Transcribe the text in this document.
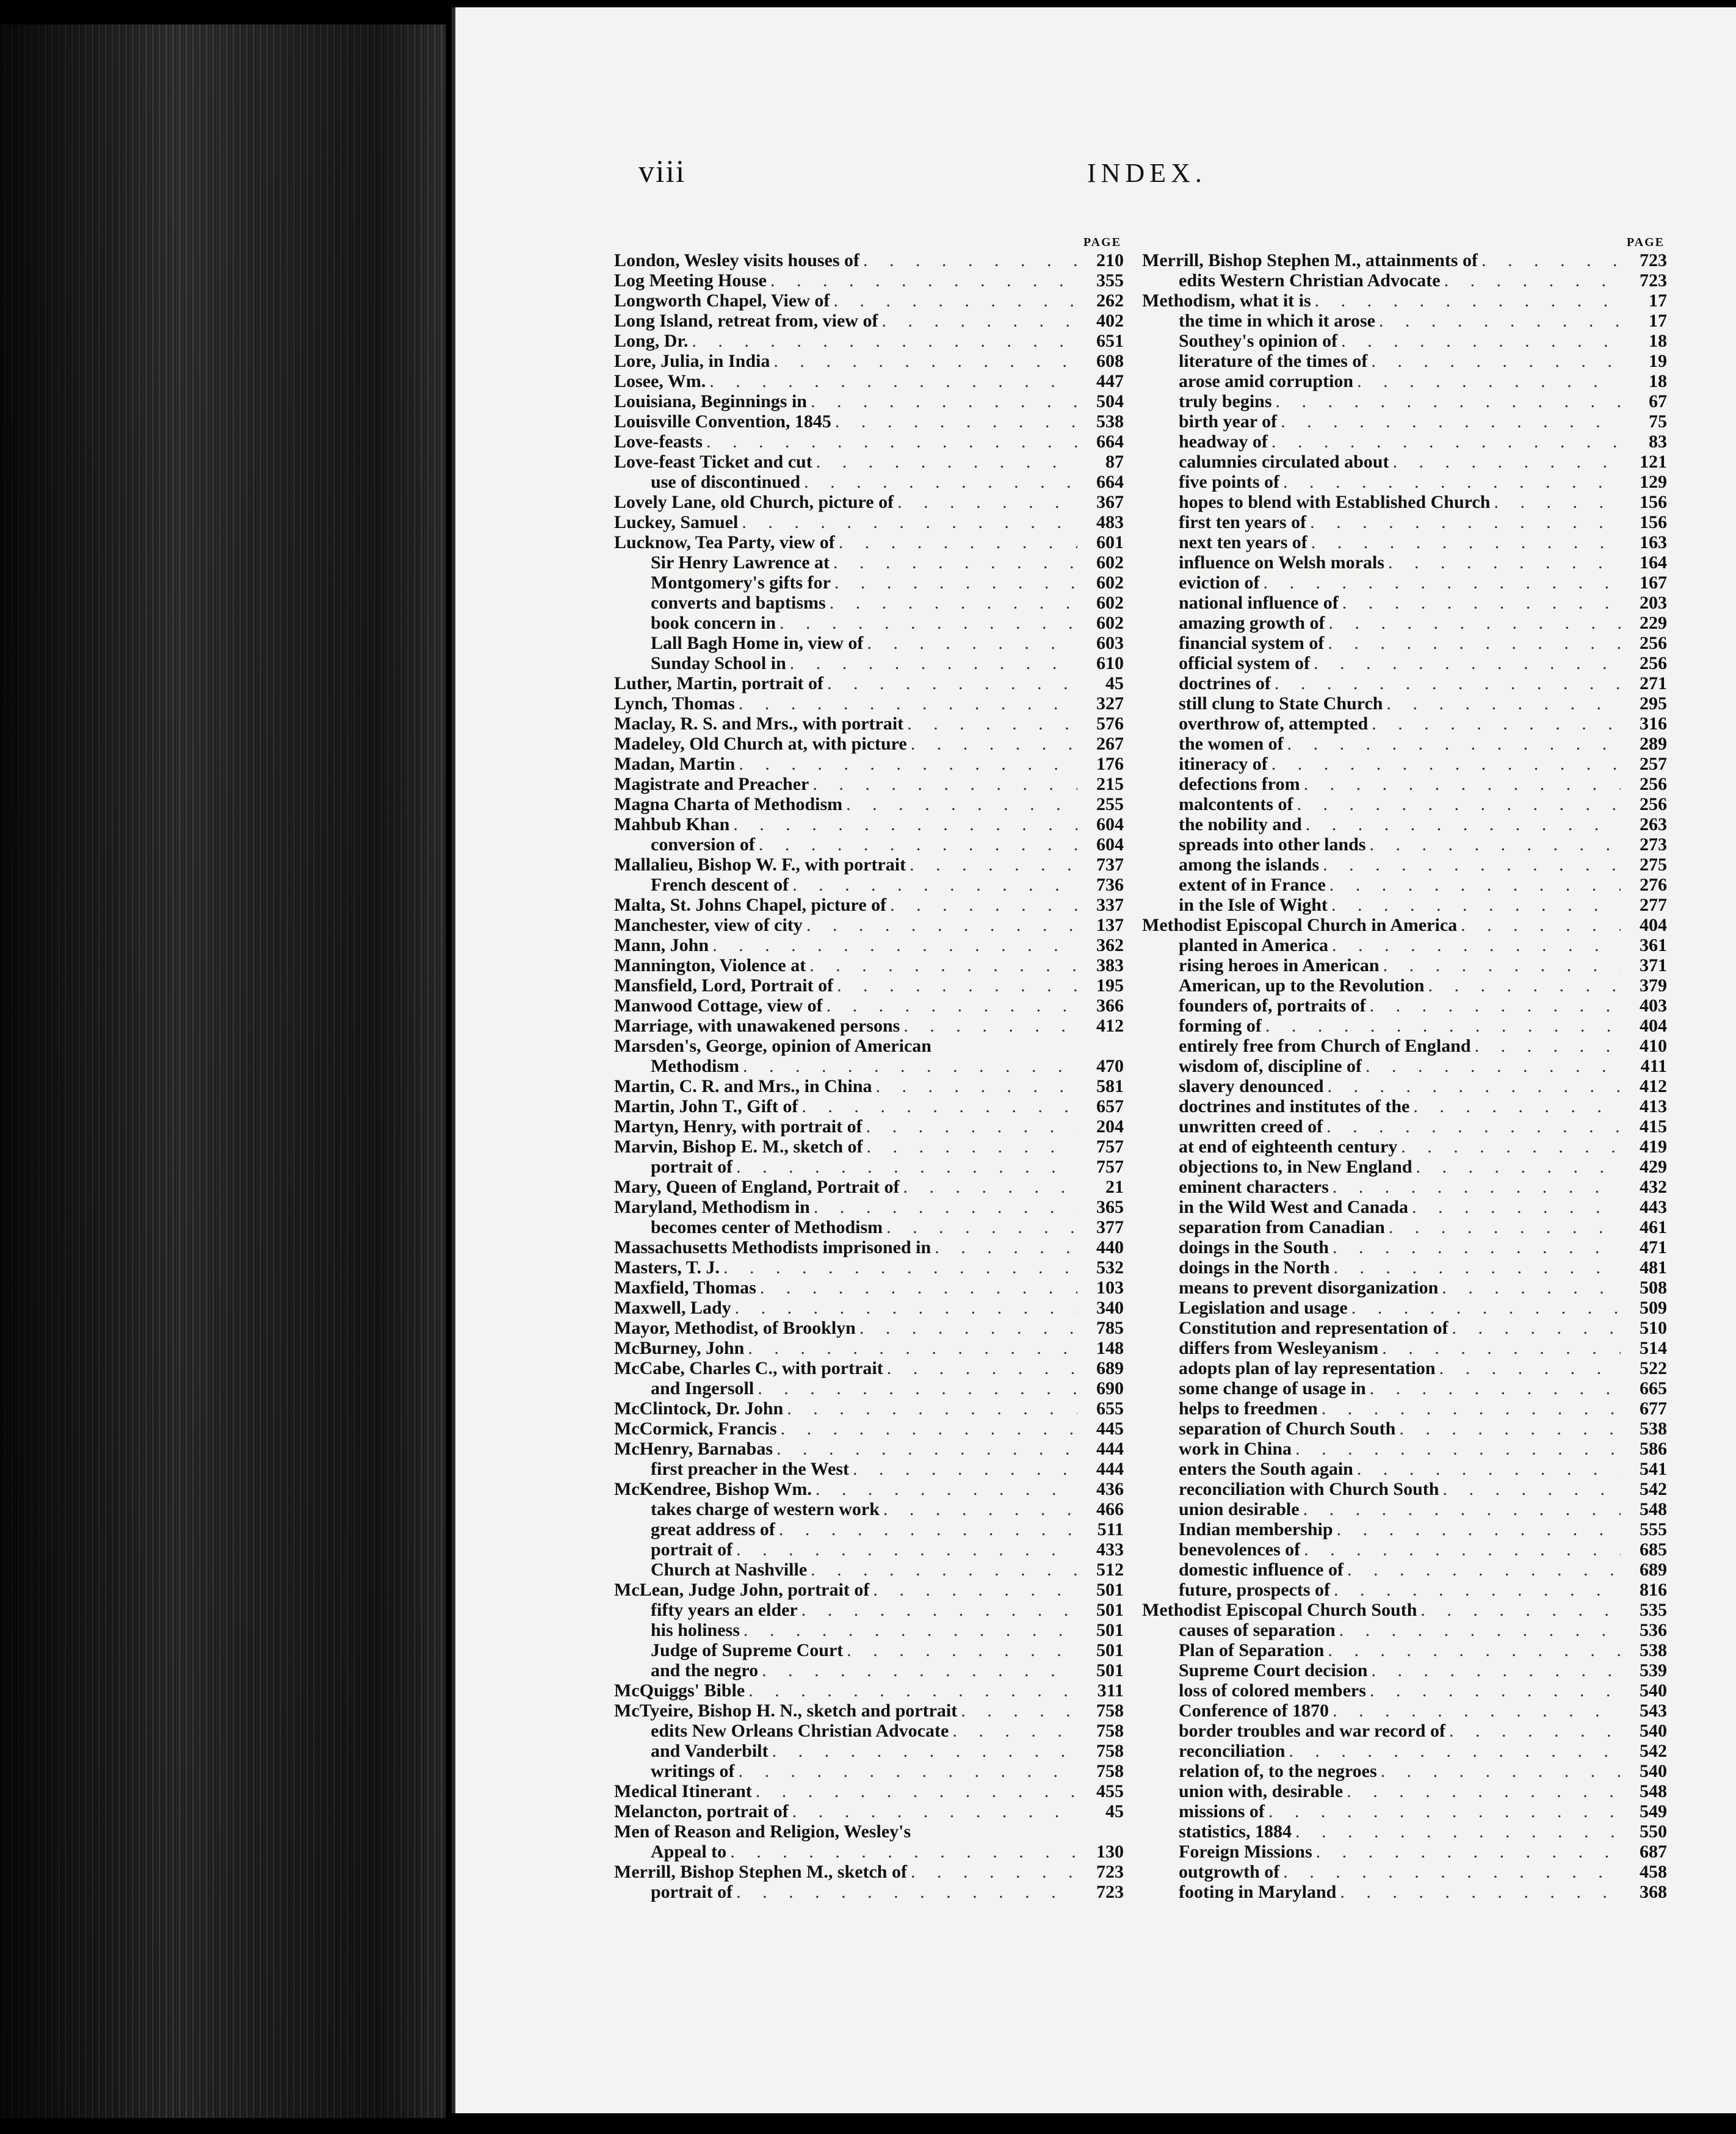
viii	INDEX.
PAGE
London, Wesley visits houses of . . .	210
Log Meeting House . . .	355
Longworth Chapel, View of . . .	262
Long Island, retreat from, view of . . .	402
Long, Dr. . . .	651
Lore, Julia, in India . . .	608
Losee, Wm. . . .	447
Louisiana, Beginnings in . . .	504
Louisville Convention, 1845 . . .	538
Love-feasts . . .	664
Love-feast Ticket and cut . . .	87
use of discontinued . . .	664
Lovely Lane, old Church, picture of . . .	367
Luckey, Samuel . . .	483
Lucknow, Tea Party, view of . . .	601
Sir Henry Lawrence at . . .	602
Montgomery's gifts for . . .	602
converts and baptisms . . .	602
book concern in . . .	602
Lall Bagh Home in, view of . . .	603
Sunday School in . . .	610
Luther, Martin, portrait of . . .	45
Lynch, Thomas . . .	327
Maclay, R. S. and Mrs., with portrait . . .	576
Madeley, Old Church at, with picture . . .	267
Madan, Martin . . .	176
Magistrate and Preacher . . .	215
Magna Charta of Methodism . . .	255
Mahbub Khan . . .	604
conversion of . . .	604
Mallalieu, Bishop W. F., with portrait . . .	737
French descent of . . .	736
Malta, St. Johns Chapel, picture of . . .	337
Manchester, view of city . . .	137
Mann, John . . .	362
Mannington, Violence at . . .	383
Mansfield, Lord, Portrait of . . .	195
Manwood Cottage, view of . . .	366
Marriage, with unawakened persons . . .	412
Marsden's, George, opinion of American
Methodism . . .	470
Martin, C. R. and Mrs., in China . . .	581
Martin, John T., Gift of . . .	657
Martyn, Henry, with portrait of . . .	204
Marvin, Bishop E. M., sketch of . . .	757
portrait of . . .	757
Mary, Queen of England, Portrait of . . .	21
Maryland, Methodism in . . .	365
becomes center of Methodism . . .	377
Massachusetts Methodists imprisoned in . . .	440
Masters, T. J. . . .	532
Maxfield, Thomas . . .	103
Maxwell, Lady . . .	340
Mayor, Methodist, of Brooklyn . . .	785
McBurney, John . . .	148
McCabe, Charles C., with portrait . . .	689
and Ingersoll . . .	690
McClintock, Dr. John . . .	655
McCormick, Francis . . .	445
McHenry, Barnabas . . .	444
first preacher in the West . . .	444
McKendree, Bishop Wm. . . .	436
takes charge of western work . . .	466
great address of . . .	511
portrait of . . .	433
Church at Nashville . . .	512
McLean, Judge John, portrait of . . .	501
fifty years an elder . . .	501
his holiness . . .	501
Judge of Supreme Court . . .	501
and the negro . . .	501
McQuiggs' Bible . . .	311
McTyeire, Bishop H. N., sketch and portrait . . .	758
edits New Orleans Christian Advocate . . .	758
and Vanderbilt . . .	758
writings of . . .	758
Medical Itinerant . . .	455
Melancton, portrait of . . .	45
Men of Reason and Religion, Wesley's
Appeal to . . .	130
Merrill, Bishop Stephen M., sketch of . . .	723
portrait of . . .	723
PAGE
Merrill, Bishop Stephen M., attainments of . . .	723
edits Western Christian Advocate . . .	723
Methodism, what it is . . .	17
the time in which it arose . . .	17
Southey's opinion of . . .	18
literature of the times of . . .	19
arose amid corruption . . .	18
truly begins . . .	67
birth year of . . .	75
headway of . . .	83
calumnies circulated about . . .	121
five points of . . .	129
hopes to blend with Established Church . . .	156
first ten years of . . .	156
next ten years of . . .	163
influence on Welsh morals . . .	164
eviction of . . .	167
national influence of . . .	203
amazing growth of . . .	229
financial system of . . .	256
official system of . . .	256
doctrines of . . .	271
still clung to State Church . . .	295
overthrow of, attempted . . .	316
the women of . . .	289
itineracy of . . .	257
defections from . . .	256
malcontents of . . .	256
the nobility and . . .	263
spreads into other lands . . .	273
among the islands . . .	275
extent of in France . . .	276
in the Isle of Wight . . .	277
Methodist Episcopal Church in America . . .	404
planted in America . . .	361
rising heroes in American . . .	371
American, up to the Revolution . . .	379
founders of, portraits of . . .	403
forming of . . .	404
entirely free from Church of England . . .	410
wisdom of, discipline of . . .	411
slavery denounced . . .	412
doctrines and institutes of the . . .	413
unwritten creed of . . .	415
at end of eighteenth century . . .	419
objections to, in New England . . .	429
eminent characters . . .	432
in the Wild West and Canada . . .	443
separation from Canadian . . .	461
doings in the South . . .	471
doings in the North . . .	481
means to prevent disorganization . . .	508
Legislation and usage . . .	509
Constitution and representation of . . .	510
differs from Wesleyanism . . .	514
adopts plan of lay representation . . .	522
some change of usage in . . .	665
helps to freedmen . . .	677
separation of Church South . . .	538
work in China . . .	586
enters the South again . . .	541
reconciliation with Church South . . .	542
union desirable . . .	548
Indian membership . . .	555
benevolences of . . .	685
domestic influence of . . .	689
future, prospects of . . .	816
Methodist Episcopal Church South . . .	535
causes of separation . . .	536
Plan of Separation . . .	538
Supreme Court decision . . .	539
loss of colored members . . .	540
Conference of 1870 . . .	543
border troubles and war record of . . .	540
reconciliation . . .	542
relation of, to the negroes . . .	540
union with, desirable . . .	548
missions of . . .	549
statistics, 1884 . . .	550
Foreign Missions . . .	687
outgrowth of . . .	458
footing in Maryland . . .	368
